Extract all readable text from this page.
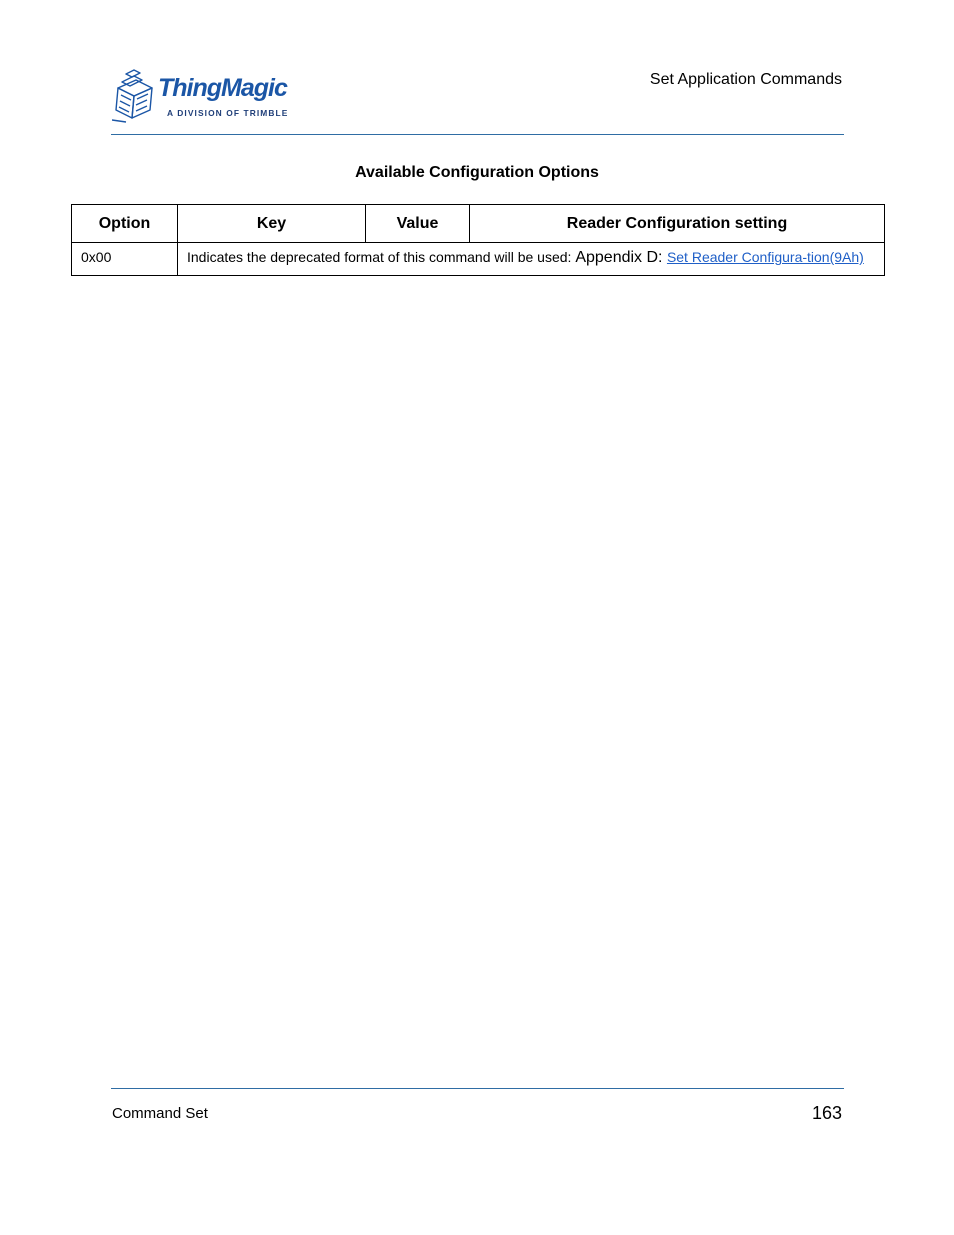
ThingMagic
A DIVISION OF TRIMBLE
Set Application Commands
Available Configuration Options
Option	Key	Value	Reader Configuration setting
0x00	Indicates the deprecated format of this command will be used: Appendix D: Set Reader Configura-tion(9Ah)		
Command Set	163
